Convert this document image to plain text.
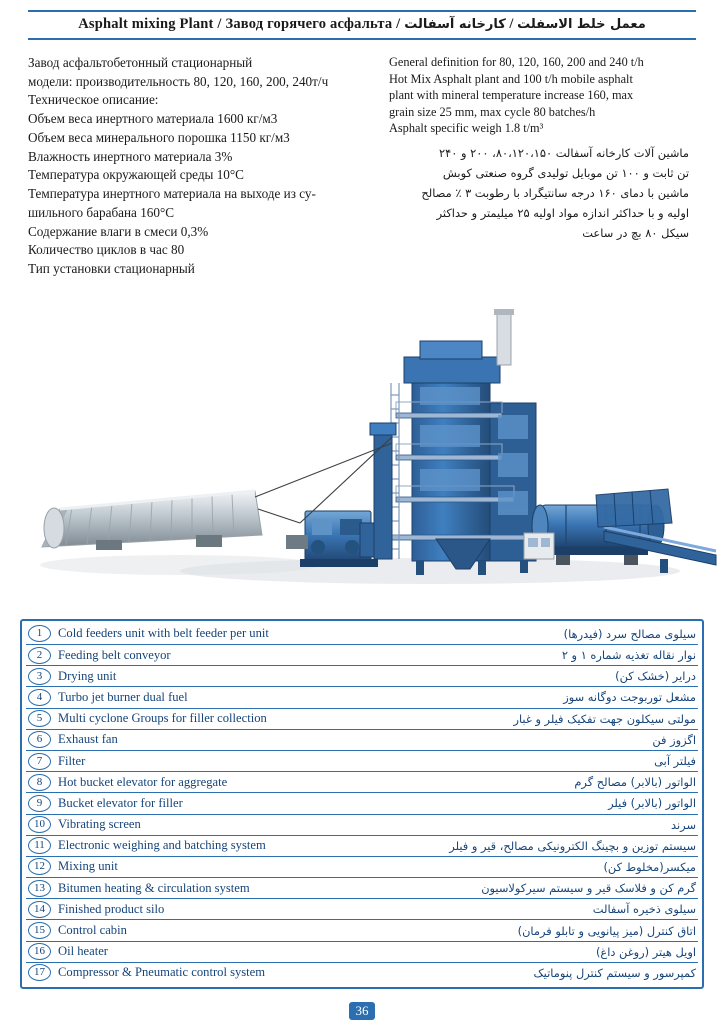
Asphalt mixing Plant / Завод горячего асфальта /	معمل خلط الاسفلت / کارخانه آسفالت
Завод асфальтобетонный стационарный
модели: производительность 80, 120, 160, 200, 240т/ч
Техническое описание:
Объем веса инертного материала 1600 кг/м3
Объем веса минерального порошка 1150 кг/м3
Влажность инертного материала 3%
Температура окружающей среды 10°C
Температура инертного материала на выходе из су-
шильного барабана 160°C
Содержание влаги в смеси 0,3%
Количество циклов в час 80
Тип установки стационарный
General definition for 80, 120, 160, 200 and 240 t/h
Hot Mix Asphalt plant and 100 t/h mobile asphalt
plant with mineral temperature increase 160, max
grain size 25 mm, max cycle 80 batches/h
Asphalt specific weigh 1.8 t/m³
ماشین آلات کارخانه آسفالت ۸۰،۱۲۰،۱۵۰، ۲۰۰ و ۲۴۰
تن ثابت و ۱۰۰ تن موبایل تولیدی گروه صنعتی کوبش
ماشین با دمای ۱۶۰ درجه سانتیگراد با رطوبت ۳ ٪ مصالح
اولیه و با حداکثر اندازه مواد اولیه ۲۵ میلیمتر و حداکثر
سیکل ۸۰ بچ در ساعت
1	Cold feeders unit with belt feeder per unit	سیلوی مصالح سرد (فیدرها)
2	Feeding belt conveyor	نوار نقاله تغذیه شماره ۱ و ۲
3	Drying unit	درایر (خشک کن)
4	Turbo jet burner dual fuel	مشعل توربوجت دوگانه سوز
5	Multi cyclone Groups for filler collection	مولتی سیکلون جهت تفکیک فیلر و غبار
6	Exhaust fan	اگزوز فن
7	Filter	فیلتر آبی
8	Hot bucket elevator for aggregate	الواتور (بالابر) مصالح گرم
9	Bucket elevator for filler	الواتور (بالابر) فیلر
10	Vibrating screen	سرند
11	Electronic weighing and batching system	سیستم توزین و بچینگ الکترونیکی مصالح، قیر و فیلر
12	Mixing unit	میکسر(مخلوط کن)
13	Bitumen heating & circulation system	گرم کن و فلاسک قیر و سیستم سیرکولاسیون
14	Finished product silo	سیلوی ذخیره آسفالت
15	Control cabin	اتاق کنترل (میز پیانویی و تابلو فرمان)
16	Oil heater	اویل هیتر (روغن داغ)
17	Compressor & Pneumatic control system	کمپرسور و سیستم کنترل پنوماتیک
36
